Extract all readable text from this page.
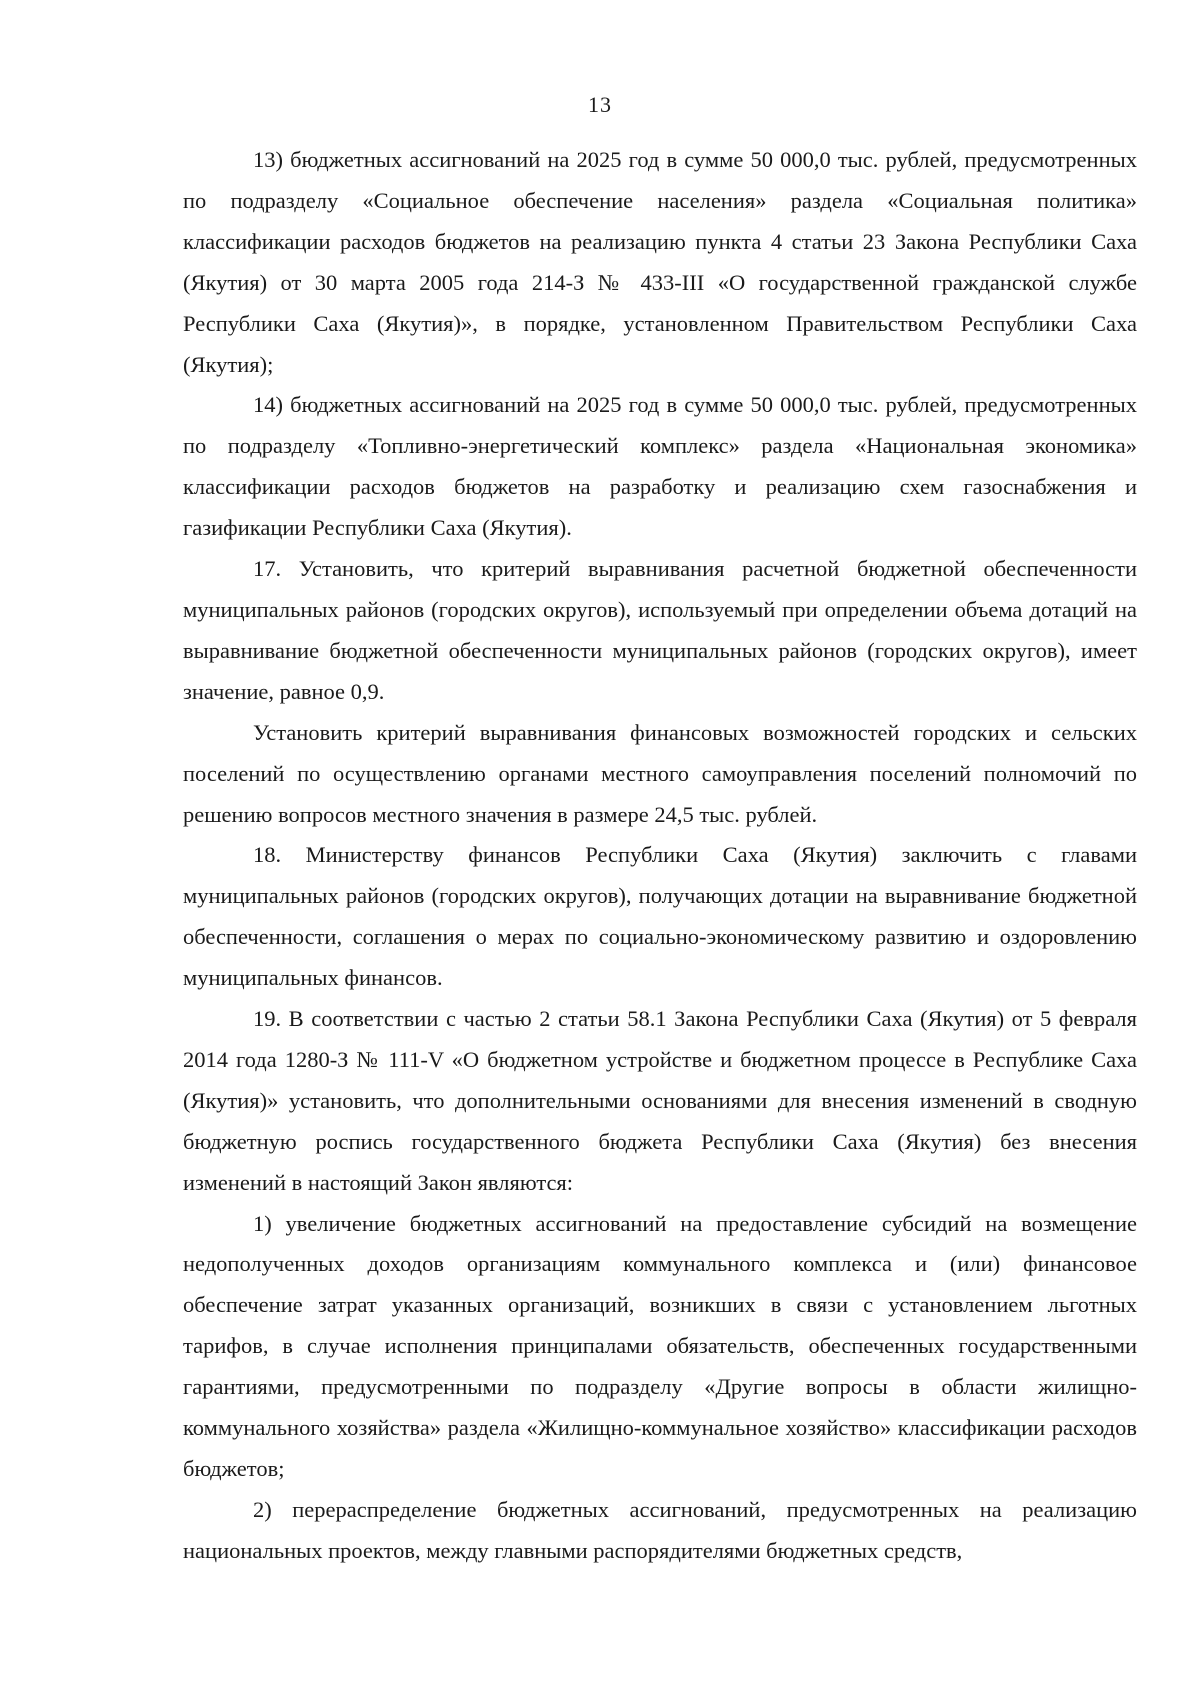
13

13) бюджетных ассигнований на 2025 год в сумме 50 000,0 тыс. рублей, предусмотренных по подразделу «Социальное обеспечение населения» раздела «Социальная политика» классификации расходов бюджетов на реализацию пункта 4 статьи 23 Закона Республики Саха (Якутия) от 30 марта 2005 года 214-З № 433-III «О государственной гражданской службе Республики Саха (Якутия)», в порядке, установленном Правительством Республики Саха (Якутия);

14) бюджетных ассигнований на 2025 год в сумме 50 000,0 тыс. рублей, предусмотренных по подразделу «Топливно-энергетический комплекс» раздела «Национальная экономика» классификации расходов бюджетов на разработку и реализацию схем газоснабжения и газификации Республики Саха (Якутия).

17. Установить, что критерий выравнивания расчетной бюджетной обеспеченности муниципальных районов (городских округов), используемый при определении объема дотаций на выравнивание бюджетной обеспеченности муниципальных районов (городских округов), имеет значение, равное 0,9.

Установить критерий выравнивания финансовых возможностей городских и сельских поселений по осуществлению органами местного самоуправления поселений полномочий по решению вопросов местного значения в размере 24,5 тыс. рублей.

18. Министерству финансов Республики Саха (Якутия) заключить с главами муниципальных районов (городских округов), получающих дотации на выравнивание бюджетной обеспеченности, соглашения о мерах по социально-экономическому развитию и оздоровлению муниципальных финансов.

19. В соответствии с частью 2 статьи 58.1 Закона Республики Саха (Якутия) от 5 февраля 2014 года 1280-З № 111-V «О бюджетном устройстве и бюджетном процессе в Республике Саха (Якутия)» установить, что дополнительными основаниями для внесения изменений в сводную бюджетную роспись государственного бюджета Республики Саха (Якутия) без внесения изменений в настоящий Закон являются:

1) увеличение бюджетных ассигнований на предоставление субсидий на возмещение недополученных доходов организациям коммунального комплекса и (или) финансовое обеспечение затрат указанных организаций, возникших в связи с установлением льготных тарифов, в случае исполнения принципалами обязательств, обеспеченных государственными гарантиями, предусмотренными по подразделу «Другие вопросы в области жилищно-коммунального хозяйства» раздела «Жилищно-коммунальное хозяйство» классификации расходов бюджетов;

2) перераспределение бюджетных ассигнований, предусмотренных на реализацию национальных проектов, между главными распорядителями бюджетных средств,
